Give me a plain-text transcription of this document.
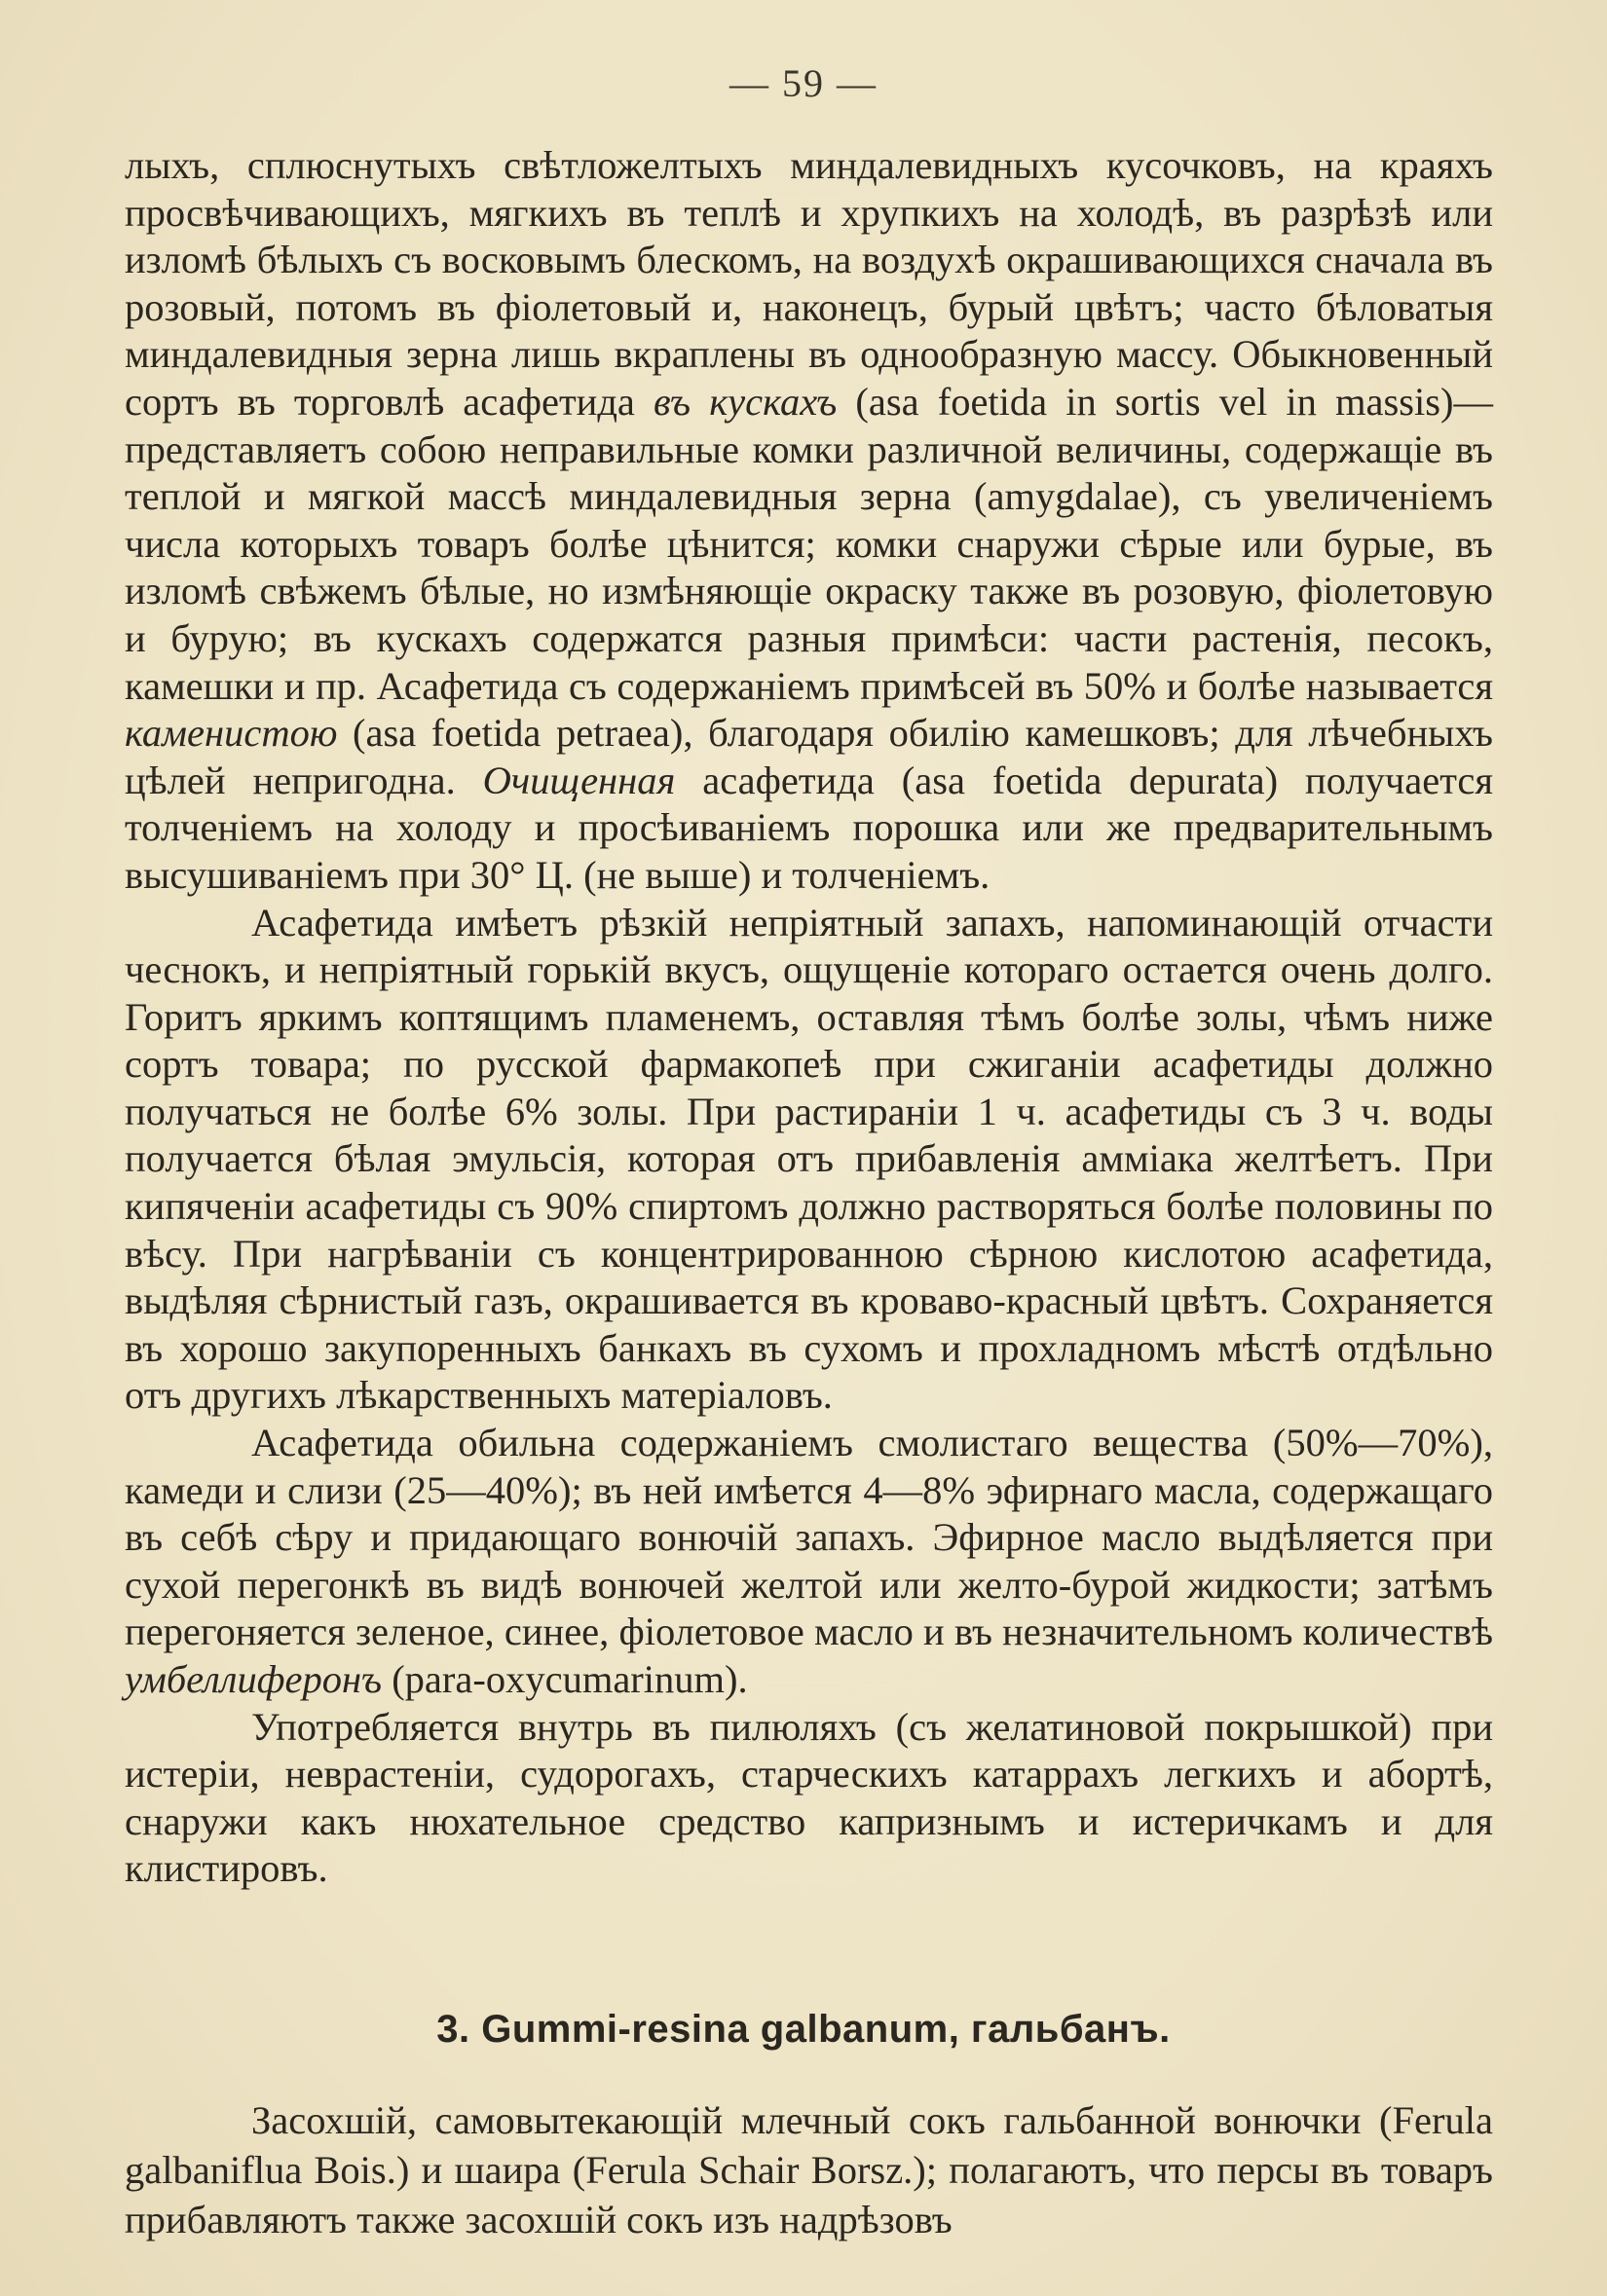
— 59 —

лыхъ, сплюснутыхъ свѣтложелтыхъ миндалевидныхъ кусочковъ, на краяхъ просвѣчивающихъ, мягкихъ въ теплѣ и хрупкихъ на холодѣ, въ разрѣзѣ или изломѣ бѣлыхъ съ восковымъ блескомъ, на воздухѣ окрашивающихся сначала въ розовый, потомъ въ фіолетовый и, наконецъ, бурый цвѣтъ; часто бѣловатыя миндалевидныя зерна лишь вкраплены въ однообразную массу. Обыкновенный сортъ въ торговлѣ асафетида въ кускахъ (asa foetida in sortis vel in massis)—представляетъ собою неправильные комки различной величины, содержащіе въ теплой и мягкой массѣ миндалевидныя зерна (amygdalae), съ увеличеніемъ числа которыхъ товаръ болѣе цѣнится; комки снаружи сѣрые или бурые, въ изломѣ свѣжемъ бѣлые, но измѣняющіе окраску также въ розовую, фіолетовую и бурую; въ кускахъ содержатся разныя примѣси: части растенія, песокъ, камешки и пр. Асафетида съ содержаніемъ примѣсей въ 50% и болѣе называется каменистою (asa foetida petraea), благодаря обилію камешковъ; для лѣчебныхъ цѣлей непригодна. Очищенная асафетида (asa foetida depurata) получается толченіемъ на холоду и просѣиваніемъ порошка или же предварительнымъ высушиваніемъ при 30° Ц. (не выше) и толченіемъ.

Асафетида имѣетъ рѣзкій непріятный запахъ, напоминающій отчасти чеснокъ, и непріятный горькій вкусъ, ощущеніе котораго остается очень долго. Горитъ яркимъ коптящимъ пламенемъ, оставляя тѣмъ болѣе золы, чѣмъ ниже сортъ товара; по русской фармакопеѣ при сжиганіи асафетиды должно получаться не болѣе 6% золы. При растираніи 1 ч. асафетиды съ 3 ч. воды получается бѣлая эмульсія, которая отъ прибавленія амміака желтѣетъ. При кипяченіи асафетиды съ 90% спиртомъ должно растворяться болѣе половины по вѣсу. При нагрѣваніи съ концентрированною сѣрною кислотою асафетида, выдѣляя сѣрнистый газъ, окрашивается въ кроваво-красный цвѣтъ. Сохраняется въ хорошо закупоренныхъ банкахъ въ сухомъ и прохладномъ мѣстѣ отдѣльно отъ другихъ лѣкарственныхъ матеріаловъ.

Асафетида обильна содержаніемъ смолистаго вещества (50%—70%), камеди и слизи (25—40%); въ ней имѣется 4—8% эфирнаго масла, содержащаго въ себѣ сѣру и придающаго вонючій запахъ. Эфирное масло выдѣляется при сухой перегонкѣ въ видѣ вонючей желтой или желто-бурой жидкости; затѣмъ перегоняется зеленое, синее, фіолетовое масло и въ незначительномъ количествѣ умбеллиферонъ (para-oxycumarinum).

Употребляется внутрь въ пилюляхъ (съ желатиновой покрышкой) при истеріи, неврастеніи, судорогахъ, старческихъ катаррахъ легкихъ и абортѣ, снаружи какъ нюхательное средство капризнымъ и истеричкамъ и для клистировъ.

3. Gummi-resina galbanum, гальбанъ.

Засохшій, самовытекающій млечный сокъ гальбанной вонючки (Ferula galbaniflua Bois.) и шаира (Ferula Schair Borsz.); полагаютъ, что персы въ товаръ прибавляютъ также засохшій сокъ изъ надрѣзовъ
